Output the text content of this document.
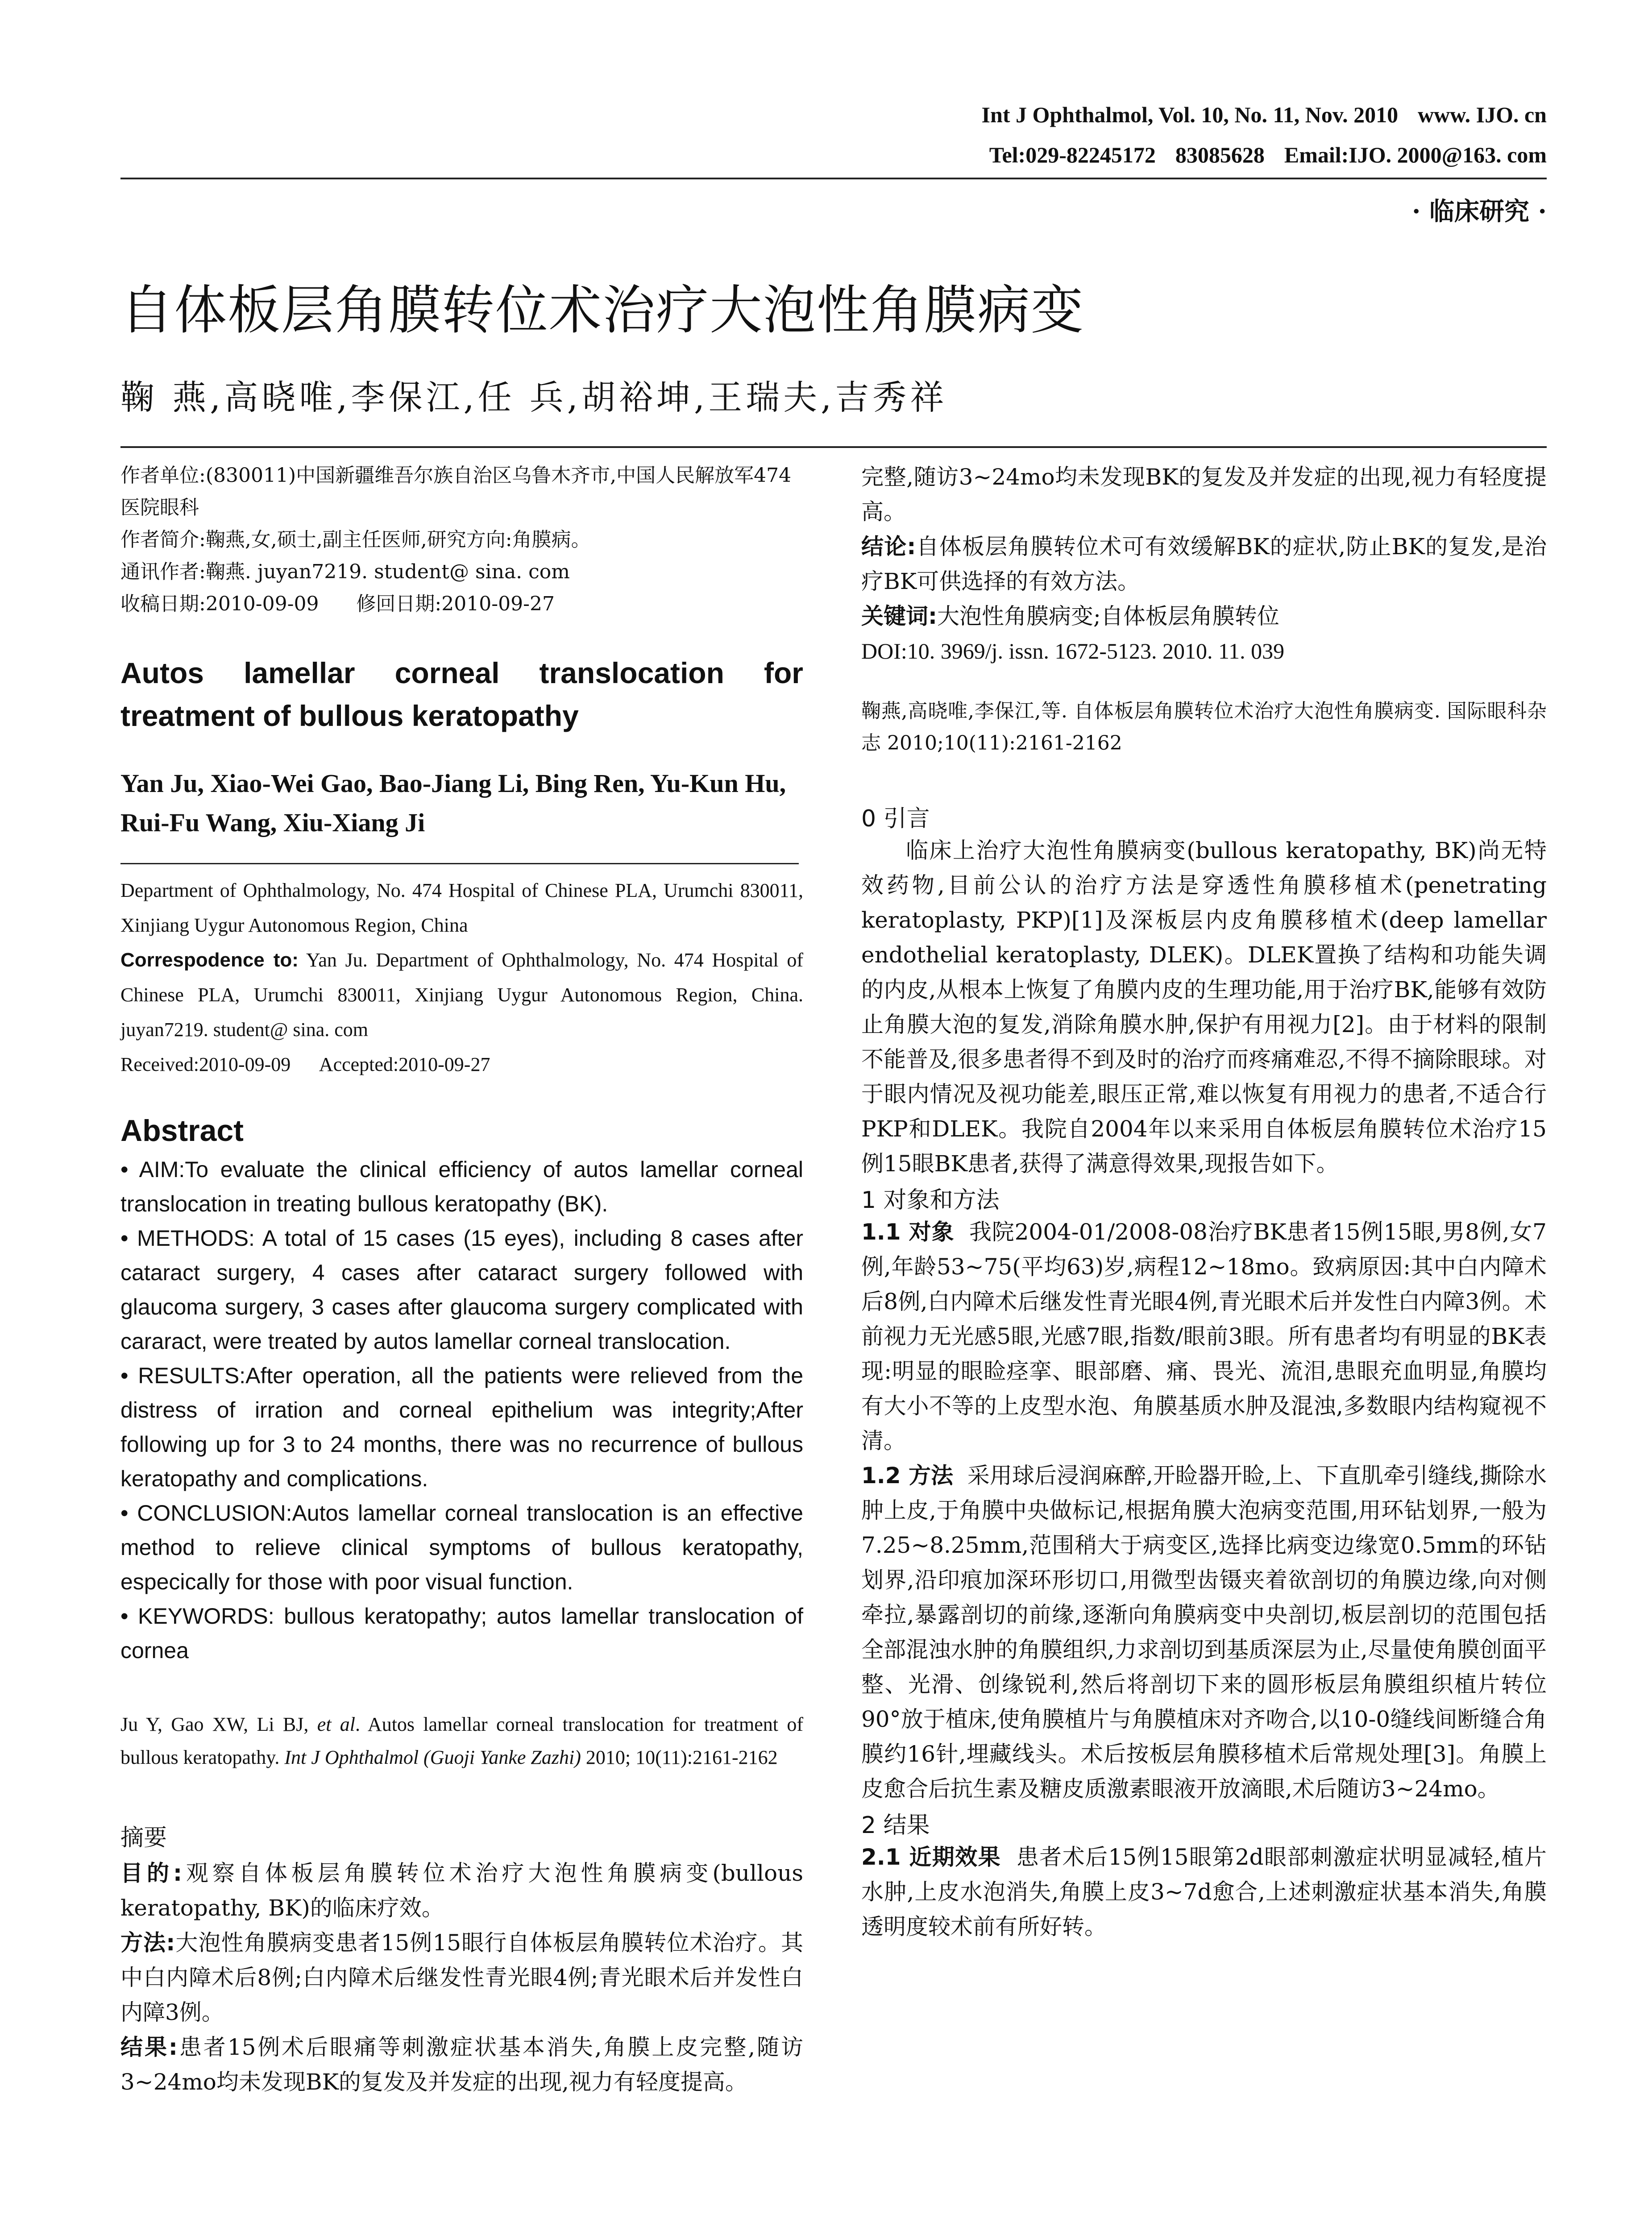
Int J Ophthalmol, Vol. 10, No. 11, Nov. 2010 www. IJO. cn
Tel:029-82245172 83085628 Email:IJO. 2000@163. com
· 临床研究 ·
自体板层角膜转位术治疗大泡性角膜病变
鞠 燕,高晓唯,李保江,任 兵,胡裕坤,王瑞夫,吉秀祥
作者单位:(830011)中国新疆维吾尔族自治区乌鲁木齐市,中国人民解放军474医院眼科
作者简介:鞠燕,女,硕士,副主任医师,研究方向:角膜病。
通讯作者:鞠燕. juyan7219. student@ sina. com
收稿日期:2010-09-09      修回日期:2010-09-27
Autos lamellar corneal translocation for treatment of bullous keratopathy
Yan Ju, Xiao-Wei Gao, Bao-Jiang Li, Bing Ren, Yu-Kun Hu, Rui-Fu Wang, Xiu-Xiang Ji
Department of Ophthalmology, No. 474 Hospital of Chinese PLA, Urumchi 830011, Xinjiang Uygur Autonomous Region, China
Correspodence to: Yan Ju. Department of Ophthalmology, No. 474 Hospital of Chinese PLA, Urumchi 830011, Xinjiang Uygur Autonomous Region, China. juyan7219. student@ sina. com
Received:2010-09-09      Accepted:2010-09-27
Abstract

• AIM:To evaluate the clinical efficiency of autos lamellar corneal translocation in treating bullous keratopathy (BK).

• METHODS: A total of 15 cases (15 eyes), including 8 cases after cataract surgery, 4 cases after cataract surgery followed with glaucoma surgery, 3 cases after glaucoma surgery complicated with cararact, were treated by autos lamellar corneal translocation.

• RESULTS:After operation, all the patients were relieved from the distress of irration and corneal epithelium was integrity;After following up for 3 to 24 months, there was no recurrence of bullous keratopathy and complications.

• CONCLUSION:Autos lamellar corneal translocation is an effective method to relieve clinical symptoms of bullous keratopathy, especically for those with poor visual function.

• KEYWORDS: bullous keratopathy; autos lamellar translocation of cornea

Ju Y, Gao XW, Li BJ, et al. Autos lamellar corneal translocation for treatment of bullous keratopathy. Int J Ophthalmol (Guoji Yanke Zazhi) 2010; 10(11):2161-2162
摘要

目的:观察自体板层角膜转位术治疗大泡性角膜病变(bullous keratopathy, BK)的临床疗效。

方法:大泡性角膜病变患者15例15眼行自体板层角膜转位术治疗。其中白内障术后8例;白内障术后继发性青光眼4例;青光眼术后并发性白内障3例。

结果:患者15例术后眼痛等刺激症状基本消失,角膜上皮完整,随访3~24mo均未发现BK的复发及并发症的出现,视力有轻度提高。

完整,随访3~24mo均未发现BK的复发及并发症的出现,视力有轻度提高。

结论:自体板层角膜转位术可有效缓解BK的症状,防止BK的复发,是治疗BK可供选择的有效方法。

关键词:大泡性角膜病变;自体板层角膜转位

DOI:10. 3969/j. issn. 1672-5123. 2010. 11. 039

鞠燕,高晓唯,李保江,等. 自体板层角膜转位术治疗大泡性角膜病变. 国际眼科杂志 2010;10(11):2161-2162
0 引言

临床上治疗大泡性角膜病变(bullous keratopathy, BK)尚无特效药物,目前公认的治疗方法是穿透性角膜移植术(penetrating keratoplasty, PKP)[1]及深板层内皮角膜移植术(deep lamellar endothelial keratoplasty, DLEK)。DLEK置换了结构和功能失调的内皮,从根本上恢复了角膜内皮的生理功能,用于治疗BK,能够有效防止角膜大泡的复发,消除角膜水肿,保护有用视力[2]。由于材料的限制不能普及,很多患者得不到及时的治疗而疼痛难忍,不得不摘除眼球。对于眼内情况及视功能差,眼压正常,难以恢复有用视力的患者,不适合行PKP和DLEK。我院自2004年以来采用自体板层角膜转位术治疗15例15眼BK患者,获得了满意得效果,现报告如下。

1 对象和方法

1.1 对象 我院2004-01/2008-08治疗BK患者15例15眼,男8例,女7例,年龄53~75(平均63)岁,病程12~18mo。致病原因:其中白内障术后8例,白内障术后继发性青光眼4例,青光眼术后并发性白内障3例。术前视力无光感5眼,光感7眼,指数/眼前3眼。所有患者均有明显的BK表现:明显的眼睑痉挛、眼部磨、痛、畏光、流泪,患眼充血明显,角膜均有大小不等的上皮型水泡、角膜基质水肿及混浊,多数眼内结构窥视不清。

1.2 方法 采用球后浸润麻醉,开睑器开睑,上、下直肌牵引缝线,撕除水肿上皮,于角膜中央做标记,根据角膜大泡病变范围,用环钻划界,一般为7.25~8.25mm,范围稍大于病变区,选择比病变边缘宽0.5mm的环钻划界,沿印痕加深环形切口,用微型齿镊夹着欲剖切的角膜边缘,向对侧牵拉,暴露剖切的前缘,逐渐向角膜病变中央剖切,板层剖切的范围包括全部混浊水肿的角膜组织,力求剖切到基质深层为止,尽量使角膜创面平整、光滑、创缘锐利,然后将剖切下来的圆形板层角膜组织植片转位90°放于植床,使角膜植片与角膜植床对齐吻合,以10-0缝线间断缝合角膜约16针,埋藏线头。术后按板层角膜移植术后常规处理[3]。角膜上皮愈合后抗生素及糖皮质激素眼液开放滴眼,术后随访3~24mo。

2 结果

2.1 近期效果 患者术后15例15眼第2d眼部刺激症状明显减轻,植片水肿,上皮水泡消失,角膜上皮3~7d愈合,上述刺激症状基本消失,角膜透明度较术前有所好转。
